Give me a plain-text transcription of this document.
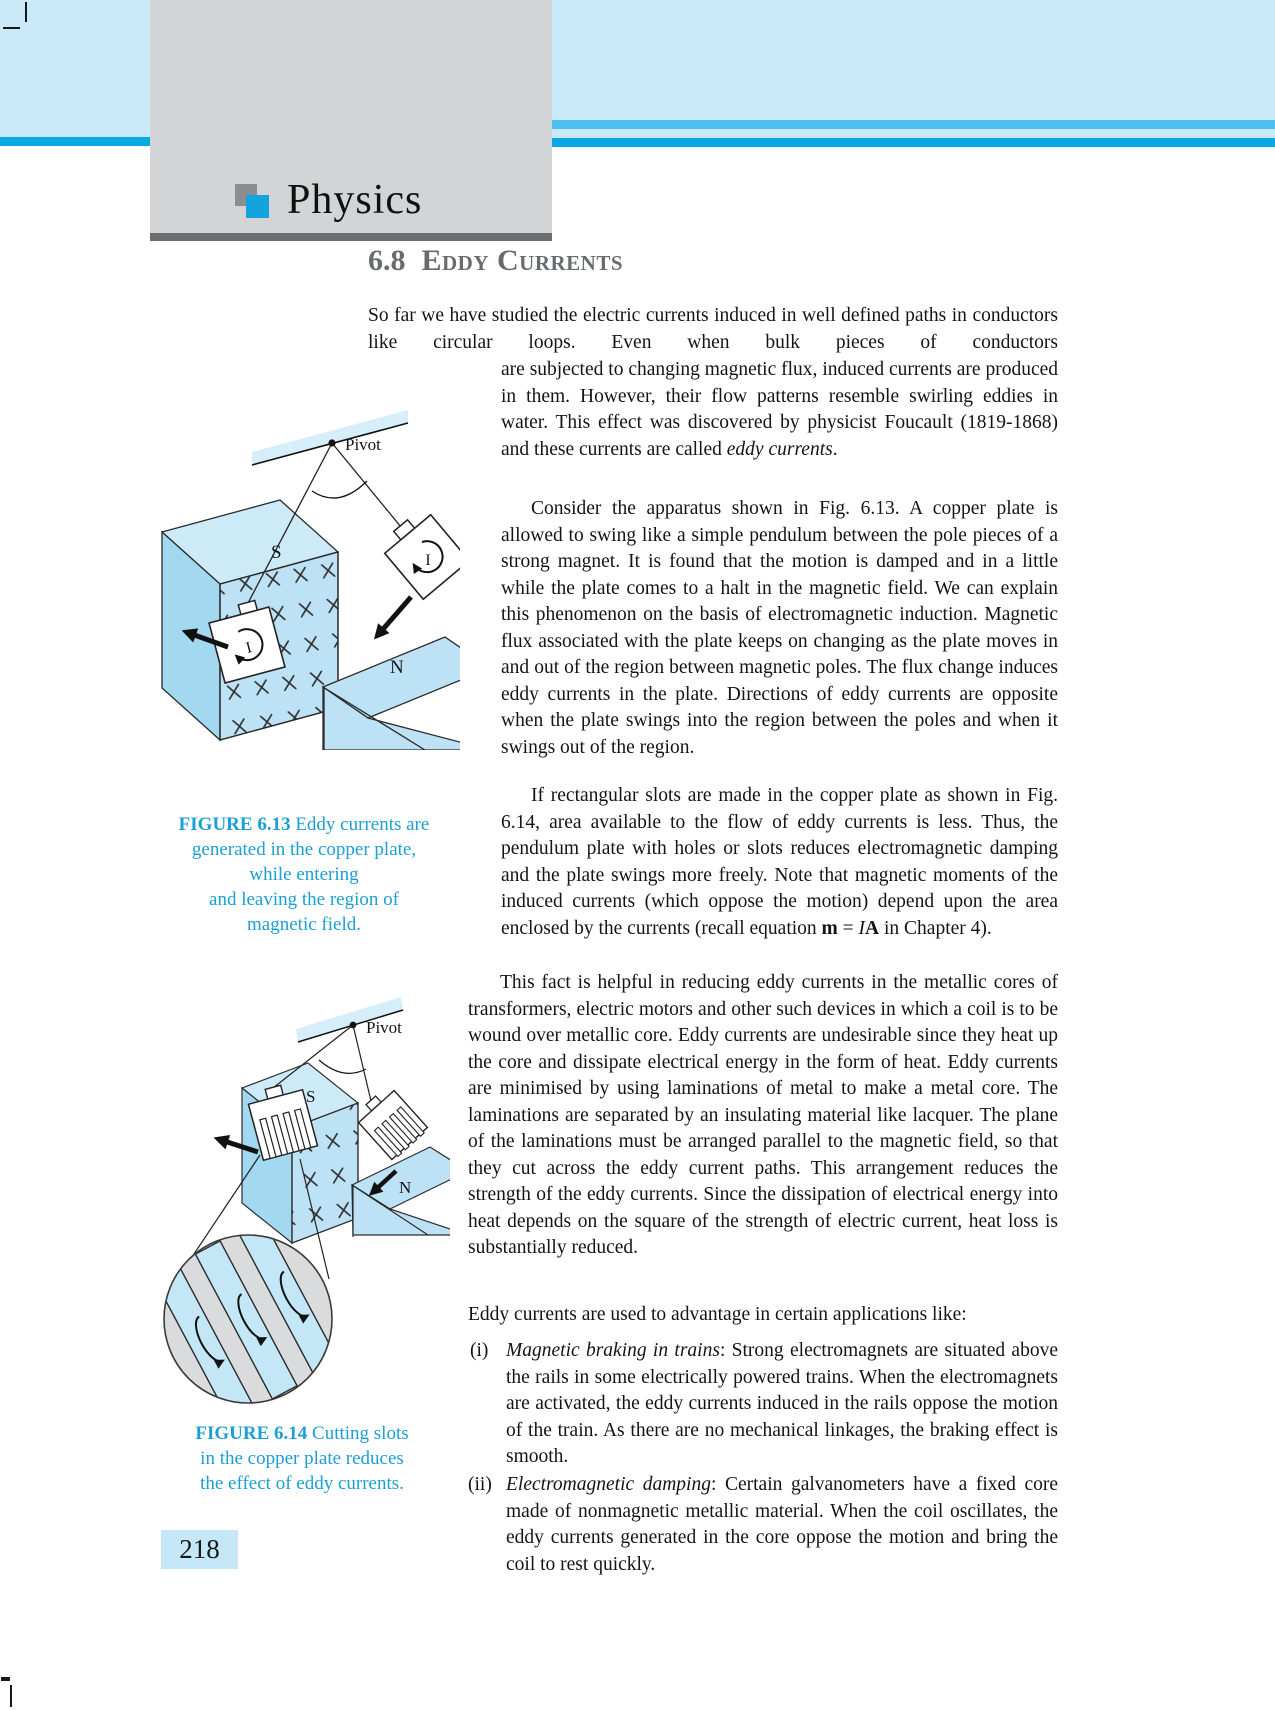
Physics
6.8 Eddy Currents
So far we have studied the electric currents induced in well defined paths in conductors like circular loops. Even when bulk pieces of conductors
are subjected to changing magnetic flux, induced currents are produced in them. However, their flow patterns resemble swirling eddies in water. This effect was discovered by physicist Foucault (1819-1868) and these currents are called eddy currents.
Consider the apparatus shown in Fig. 6.13. A copper plate is allowed to swing like a simple pendulum between the pole pieces of a strong magnet. It is found that the motion is damped and in a little while the plate comes to a halt in the magnetic field. We can explain this phenomenon on the basis of electromagnetic induction. Magnetic flux associated with the plate keeps on changing as the plate moves in and out of the region between magnetic poles. The flux change induces eddy currents in the plate. Directions of eddy currents are opposite when the plate swings into the region between the poles and when it swings out of the region.
If rectangular slots are made in the copper plate as shown in Fig. 6.14, area available to the flow of eddy currents is less. Thus, the pendulum plate with holes or slots reduces electromagnetic damping and the plate swings more freely. Note that magnetic moments of the induced currents (which oppose the motion) depend upon the area enclosed by the currents (recall equation m = IA in Chapter 4).
This fact is helpful in reducing eddy currents in the metallic cores of transformers, electric motors and other such devices in which a coil is to be wound over metallic core. Eddy currents are undesirable since they heat up the core and dissipate electrical energy in the form of heat. Eddy currents are minimised by using laminations of metal to make a metal core. The laminations are separated by an insulating material like lacquer. The plane of the laminations must be arranged parallel to the magnetic field, so that they cut across the eddy current paths. This arrangement reduces the strength of the eddy currents. Since the dissipation of electrical energy into heat depends on the square of the strength of electric current, heat loss is substantially reduced.
Eddy currents are used to advantage in certain applications like:
(i) Magnetic braking in trains: Strong electromagnets are situated above the rails in some electrically powered trains. When the electromagnets are activated, the eddy currents induced in the rails oppose the motion of the train. As there are no mechanical linkages, the braking effect is smooth.
(ii) Electromagnetic damping: Certain galvanometers have a fixed core made of nonmagnetic metallic material. When the coil oscillates, the eddy currents generated in the core oppose the motion and bring the coil to rest quickly.
I
I
Pivot
S
N
FIGURE 6.13 Eddy currents are
generated in the copper plate,
while entering
and leaving the region of
magnetic field.
Pivot
S
N
FIGURE 6.14 Cutting slots
in the copper plate reduces
the effect of eddy currents.
218
